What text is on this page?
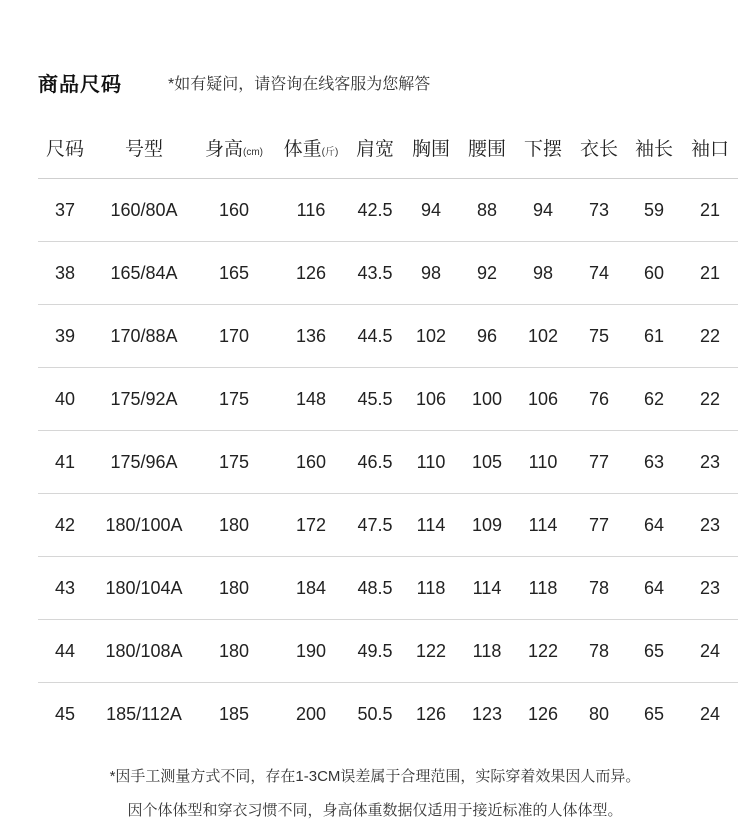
商品尺码	*如有疑问，请咨询在线客服为您解答
尺码	号型	身高(cm)	体重(斤) 肩宽 胸围 腰围 下摆 衣长 袖长 袖口
37	160/80A	160	116	42.5	94	88	94	73	59	21
38	165/84A	165	126	43.5	98	92	98	74	60	21
39	170/88A	170	136	44.5	102	96	102	75	61	22
40	175/92A	175	148	45.5	106	100	106	76	62	22
41	175/96A	175	160	46.5	110	105	110	77	63	23
42	180/100A	180	172	47.5	114	109	114	77	64	23
43	180/104A	180	184	48.5	118	114	118	78	64	23
44	180/108A	180	190	49.5	122	118	122	78	65	24
45	185/112A	185	200	50.5	126	123	126	80	65	24
*因手工测量方式不同，存在1-3CM误差属于合理范围，实际穿着效果因人而异。
因个体体型和穿衣习惯不同，身高体重数据仅适用于接近标准的人体体型。
